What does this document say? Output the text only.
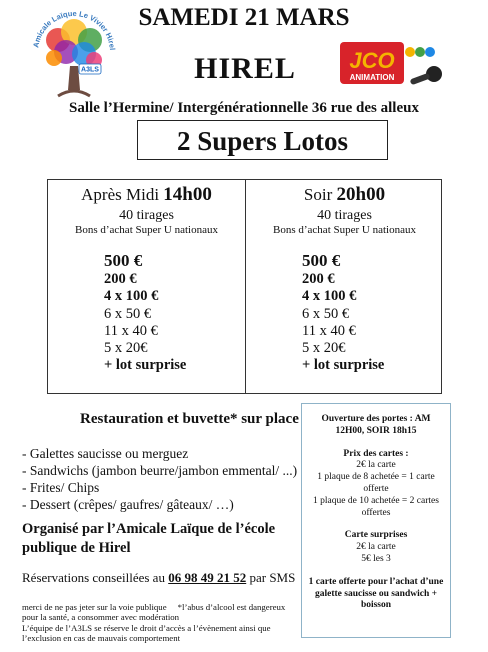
Amicale Laïque Le Vivier Hirel
A3LS
SAMEDI 21 MARS
HIREL	JCO
ANIMATION
Salle l’Hermine/ Intergénérationnelle 36 rue des alleux
2 Supers Lotos
Après Midi 14h00
40 tirages
Bons d’achat Super U nationaux
500 €
200 €
4 x 100 €
6 x 50 €
11 x 40 €
5 x 20€
+ lot surprise
Soir 20h00
40 tirages
Bons d’achat Super U nationaux
500 €
200 €
4 x 100 €
6 x 50 €
11 x 40 €
5 x 20€
+ lot surprise
Restauration et buvette* sur place
- Galettes saucisse ou merguez
- Sandwichs (jambon beurre/jambon emmental/ ...)
- Frites/ Chips
- Dessert (crêpes/ gaufres/ gâteaux/ …)
Organisé par l’Amicale Laïque de l’école publique de Hirel
Réservations conseillées au 06 98 49 21 52 par SMS
merci de ne pas jeter sur la voie publique *l’abus d’alcool est dangereux pour la santé, a consommer avec modération
L’équipe de l’A3LS se réserve le droit d’accès a l’évènement ainsi que l’exclusion en cas de mauvais comportement
Ouverture des portes : AM 12H00, SOIR 18h15
Prix des cartes :
2€ la carte
1 plaque de 8 achetée = 1 carte offerte
1 plaque de 10 achetée = 2 cartes offertes
Carte surprises
2€ la carte
5€ les 3
1 carte offerte pour l’achat d’une galette saucisse ou sandwich + boisson
